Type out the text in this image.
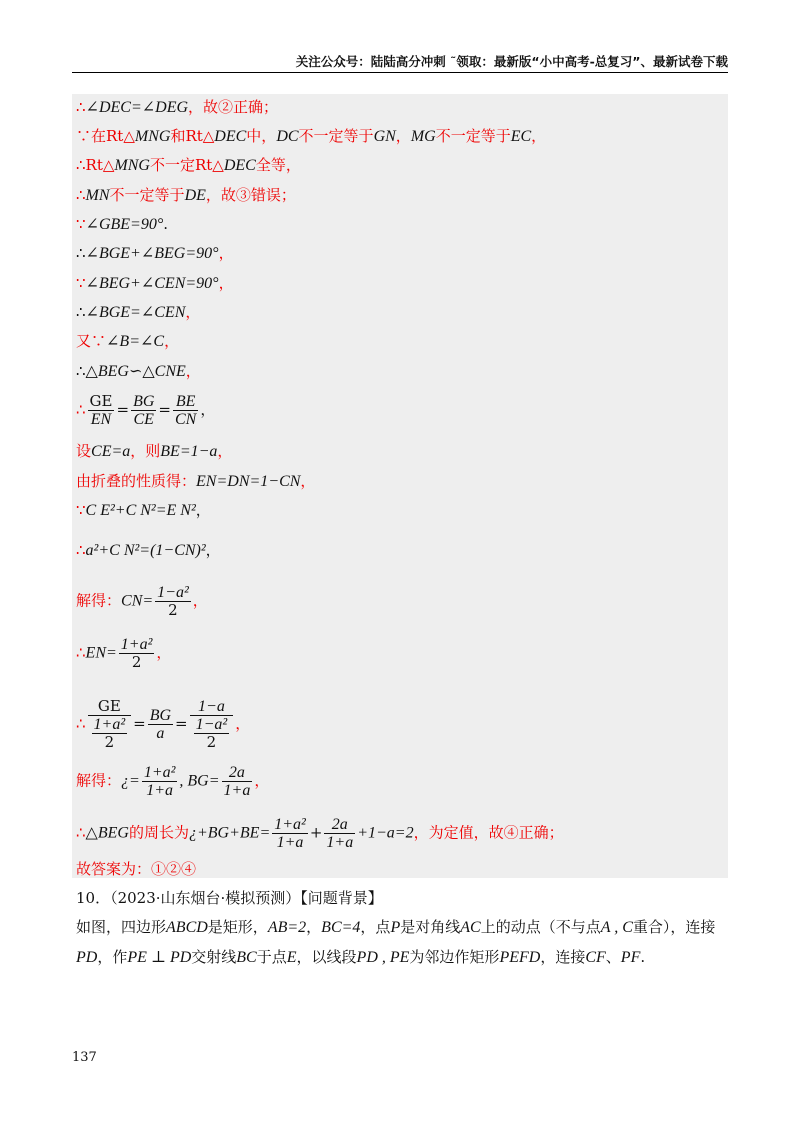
关注公众号：陆陆高分冲刺 ˜领取：最新版“小中高考-总复习”、最新试卷下载
∴∠DEC=∠DEG，故②正确；
∵在Rt△MNG和Rt△DEC中，DC不一定等于GN，MG不一定等于EC，
∴Rt△MNG不一定Rt△DEC全等，
∴MN不一定等于DE，故③错误；
∵∠GBE=90°.
∴∠BGE+∠BEG=90°，
∵∠BEG+∠CEN=90°，
∴∠BGE=∠CEN，
又∵∠B=∠C，
∴△BEG∽△CNE，
∴ $\frac{GE}{EN} = \frac{BG}{CE} = \frac{BE}{CN}$ ，
设CE=a，则BE=1−a，
由折叠的性质得：EN=DN=1−CN，
∵C E²+C N²=E N²，
∴a²+C N²=(1−CN)²，
解得：$CN= \frac{\text{1−a²}}{2}$ ，
∴EN= $\frac{\text{1+a²}}{2}$ ，
∴ $\frac{GE}{\frac{\text{1+a²}}{2}} = \frac{BG}{a} = \frac{1-a}{\frac{\text{1−a²}}{2}}$ ，
解得：¿= $\frac{\text{1+a²}}{1+a}$ , $BG= \frac{2a}{1+a}$ ，
∴△BEG的周长为¿$+BG+BE= \frac{\text{1+a²}}{1+a} + \frac{2a}{1+a} +1-a=2$，为定值，故④正确；
故答案为：①②④
10．（2023·山东烟台·模拟预测）【问题背景】
如图，四边形ABCD是矩形，AB=2，BC=4，点P是对角线AC上的动点（不与点A , C重合），连接
PD，作PE ⊥ PD交射线BC于点E，以线段PD , PE为邻边作矩形PEFD，连接CF、PF.
137
